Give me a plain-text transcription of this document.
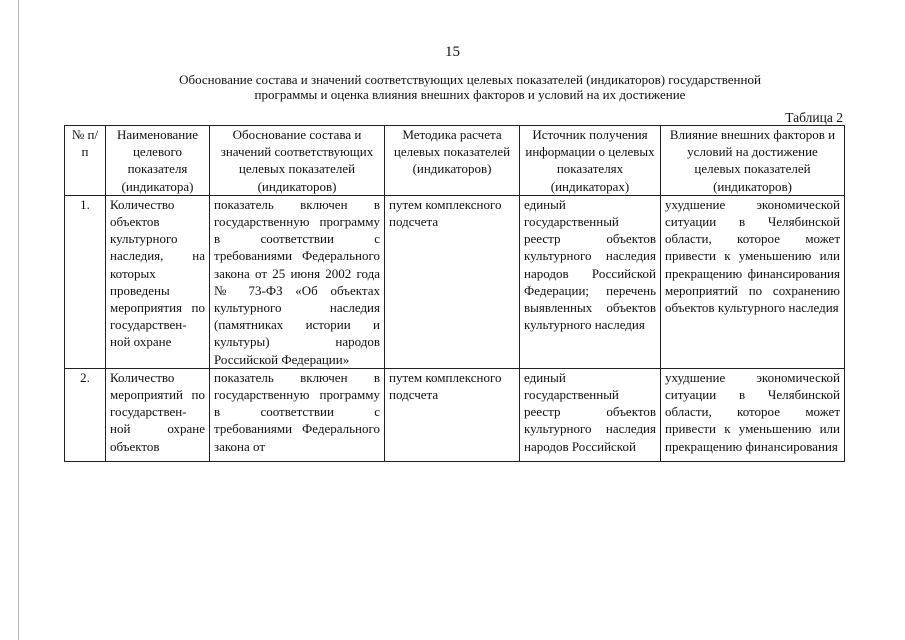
15
Обоснование состава и значений соответствующих целевых показателей (индикаторов) государственной
программы и оценка влияния внешних факторов и условий на их достижение
Таблица 2
№ п/п	Наименование целевого показателя (индикатора)	Обоснование состава и значений соответствующих целевых показателей (индикаторов)	Методика расчета целевых показателей (индикаторов)	Источник получения информации о целевых показателях (индикаторах)	Влияние внешних факторов и условий на достижение целевых показателей (индикаторов)
1.	Количество объектов культурного наследия, на которых проведены мероприятия по государствен-ной охране	показатель включен в государственную программу в соответствии с требованиями Федерального закона от 25 июня 2002 года № 73-ФЗ «Об объектах культурного наследия (памятниках истории и культуры) народов Российской Федерации»	путем комплексного подсчета	единый государственный реестр объектов культурного наследия народов Российской Федерации; перечень выявленных объектов культурного наследия	ухудшение экономической ситуации в Челябинской области, которое может привести к уменьшению или прекращению финансирования мероприятий по сохранению объектов культурного наследия

2.	Количество мероприятий по государствен-ной охране объектов	показатель включен в государственную программу в соответствии с требованиями Федерального закона от	путем комплексного подсчета	единый государственный реестр объектов культурного наследия народов Российской	ухудшение экономической ситуации в Челябинской области, которое может привести к уменьшению или прекращению финансирования
